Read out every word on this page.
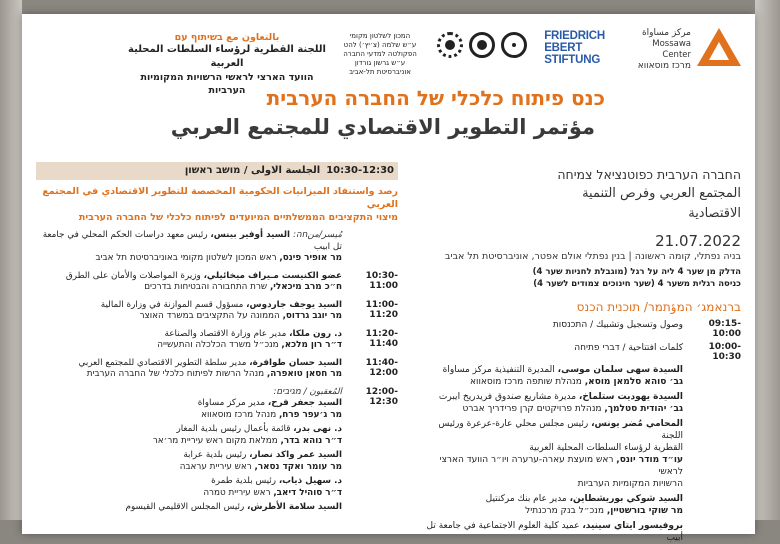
مركز مساواة
Mossawa Center
מרכז מוסאווא
FRIEDRICH
EBERT
STIFTUNG
המכון לשלטון מקומי
ע״ש שלמה (צ׳יץ׳) להט
הפקולטה למדעי החברה
ע״ש גרשון גורדון
אוניברסיטת תל-אביב
بالتعاون مع בשיתוף עם
اللجنة القطرية لرؤساء السلطات المحلية العربية
הוועד הארצי לראשי הרשויות המקומיות הערביות	כנס פיתוח כלכלי של החברה הערבית
مؤتمر التطوير الاقتصادي للمجتمع العربي
החברה הערבית כפוטנציאל צמיחה
المجتمع العربي وفرص التنمية
الاقتصادية
21.07.2022
בניה נפתלי, קומה ראשונה | בנין נפתלי אולם אפטר, אוניברסיטת תל אביב
הדלק מן שער 4 ליה על רגל (מוגבלת לחניות שער 4)
כניסה רגלית משער 4 (שער חינוכים צמודים לשער 4)
ברנאמג׳ המؤתמר/ תוכנית הכנס
09:15-10:00
وصول وتسجيل وتشبيك / התכנסות
10:00-10:30
كلمات افتتاحية / דברי פתיחה
السيدة سهى سلمان موسى، المديرة التنفيذية مركز مساواة
גב׳ סוהא סלמאן מוסא, מנהלת שותפה מרכז מוסאווא
السيدة يهوديت ستلماخ، مديرة مشاريع صندوق فريدريخ ايبرت
גב׳ יהודית סטלמך, מנהלת פרויקטים קרן פרידריך אברט
المحامي مُضر يونس، رئيس مجلس محلي عارة-عرعرة ورئيس اللجنة
القطرية لرؤساء السلطات المحلية العربية
עו״ד מודר יונס, ראש מועצת עארה-ערערה ויו״ר הוועד הארצי לראשי
הרשויות המקומיות הערביות
السيد شوكي بوريشطاين، مدير عام بنك مركنتيل
מר שוקי בורשטיין, מנכ״ל בנק מרכנתיל
بروفيسور ايتاي سينيد، عميد كلية العلوم الاجتماعية في جامعة تل أبيب
10:30-12:30
الجلسة الاولى / מושב ראשון
رصد واستنفاد الميزانيات الحكومية المخصصة للتطوير الاقتصادي في المجتمع العربي
מיצוי התקציבים הממשלתיים המיועדים לפיתוח כלכלי של החברה הערבית
مُيسر/منחה: السيد أوفير بينس، رئيس معهد دراسات الحكم المحلي في جامعة تل ابيب
מר אופיר פינס, ראש המכון לשלטון מקומי באוניברסיטת תל אביב
10:30-11:00
عضو الكنيست مـيراف ميخائيلي، وزيرة المواصلات والأمان على الطرق
ח״כ מרב מיכאלי, שרת התחבורה והבטיחות בדרכים
11:00-11:20
السيد يوجف جاردوس، مسؤول قسم الموازنة في وزارة المالية
מר יוגב גרדוס, הממונה על התקציבים במשרד האוצר
11:20-11:40
د. رون ملكا، مدير عام وزارة الاقتصاد والصناعة
ד״ר רון מלכא, מנכ״ל משרד הכלכלה והתעשייה
11:40-12:00
السيد حسان طوافرة، مدير سلطة التطوير الاقتصادي للمجتمع العربي
מר חסאן טואפרה, מנהל הרשות לפיתוח כלכלי של החברה הערבית
12:00-12:30
المُعقبون / מגיבים:
السيد جعفر فرح، مدير مركز مساواة
מר ג׳עפר פרח, מנהל מרכז מוסאווא
د. نهى بدر، قائمة بأعمال رئيس بلدية المغار
ד״ר נוהא בדר, ממלאת מקום ראש עיריית מר׳אר
السيد عمر واكد نصار، رئيس بلدية عرابة
מר עומר ואקד נסאר, ראש עיריית עראבה
د. سهيل ذياب، رئيس بلدية طمرة
ד״ר סוהיל דיאב, ראש עיריית טמרה
السيد سلامة الأطرش، رئيس المجلس الاقليمي القيسوم
